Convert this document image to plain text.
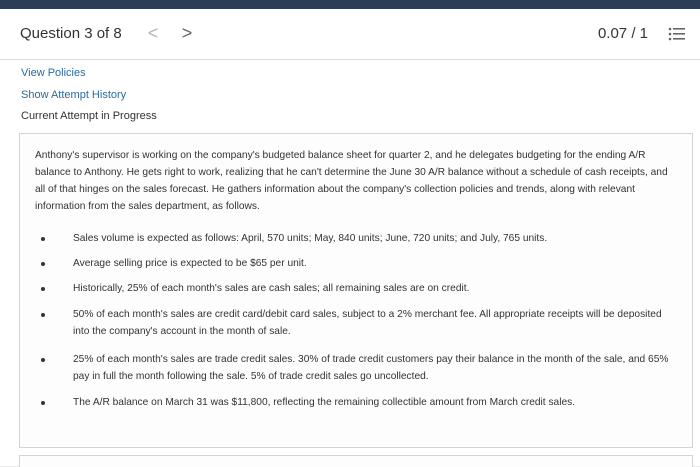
Question 3 of 8	<	>	0.07 / 1
View Policies
Show Attempt History
Current Attempt in Progress
Anthony's supervisor is working on the company's budgeted balance sheet for quarter 2, and he delegates budgeting for the ending A/R balance to Anthony. He gets right to work, realizing that he can't determine the June 30 A/R balance without a schedule of cash receipts, and all of that hinges on the sales forecast. He gathers information about the company's collection policies and trends, along with relevant information from the sales department, as follows.
Sales volume is expected as follows: April, 570 units; May, 840 units; June, 720 units; and July, 765 units.
Average selling price is expected to be $65 per unit.
Historically, 25% of each month's sales are cash sales; all remaining sales are on credit.
50% of each month's sales are credit card/debit card sales, subject to a 2% merchant fee. All appropriate receipts will be deposited into the company's account in the month of sale.
25% of each month's sales are trade credit sales. 30% of trade credit customers pay their balance in the month of the sale, and 65% pay in full the month following the sale. 5% of trade credit sales go uncollected.
The A/R balance on March 31 was $11,800, reflecting the remaining collectible amount from March credit sales.
